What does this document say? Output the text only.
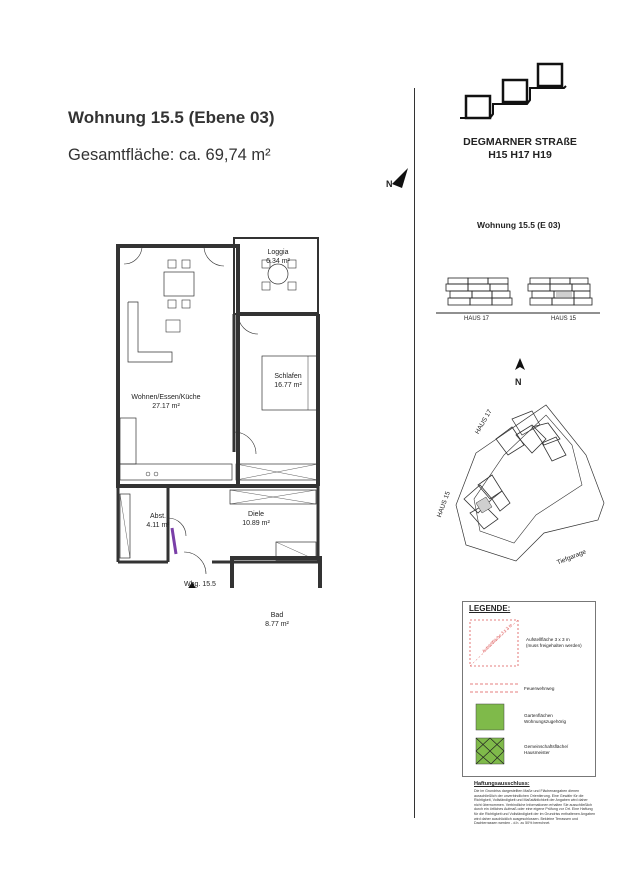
Wohnung 15.5 (Ebene 03)
Gesamtfläche: ca. 69,74 m²
N
DEGMARNER STRAßE
H15 H17 H19
Wohnung 15.5 (E 03)
HAUS 17	HAUS 15
N
HAUS 17
HAUS 15
Tiefgarage
Loggia
6.34 m²
Schlafen
16.77 m²
Wohnen/Essen/Küche
27.17 m²
Abst.
4.11 m²
Diele
10.89 m²
Bad
8.77 m²
Whg. 15.5
LEGENDE:
Aufstellfläche 3 x 3 m	Aufstellfläche 3 x 3 m
(muss freigehalten werden)
Feuerwehrweg
Gartenflächen
Wohnungszugehörig
Gemeinschaftsfläche/
Hausmeister
Haftungsausschluss:
Die im Grundriss dargestellten Maße und Flächenangaben dienen ausschließlich der unverbindlichen Orientierung. Eine Gewähr für die Richtigkeit, Vollständigkeit und Maßstäblichkeit der Angaben wird daher nicht übernommen. Verbindliche Informationen erhalten Sie ausschließlich durch ein örtliches Aufmaß oder eine eigene Prüfung vor Ort. Eine Haftung für die Richtigkeit und Vollständigkeit der im Grundriss enthaltenen Angaben wird daher ausdrücklich ausgeschlossen. Bekleine Terrassen und Dachterrassen werden - d.h. zu 50% berechnet.
